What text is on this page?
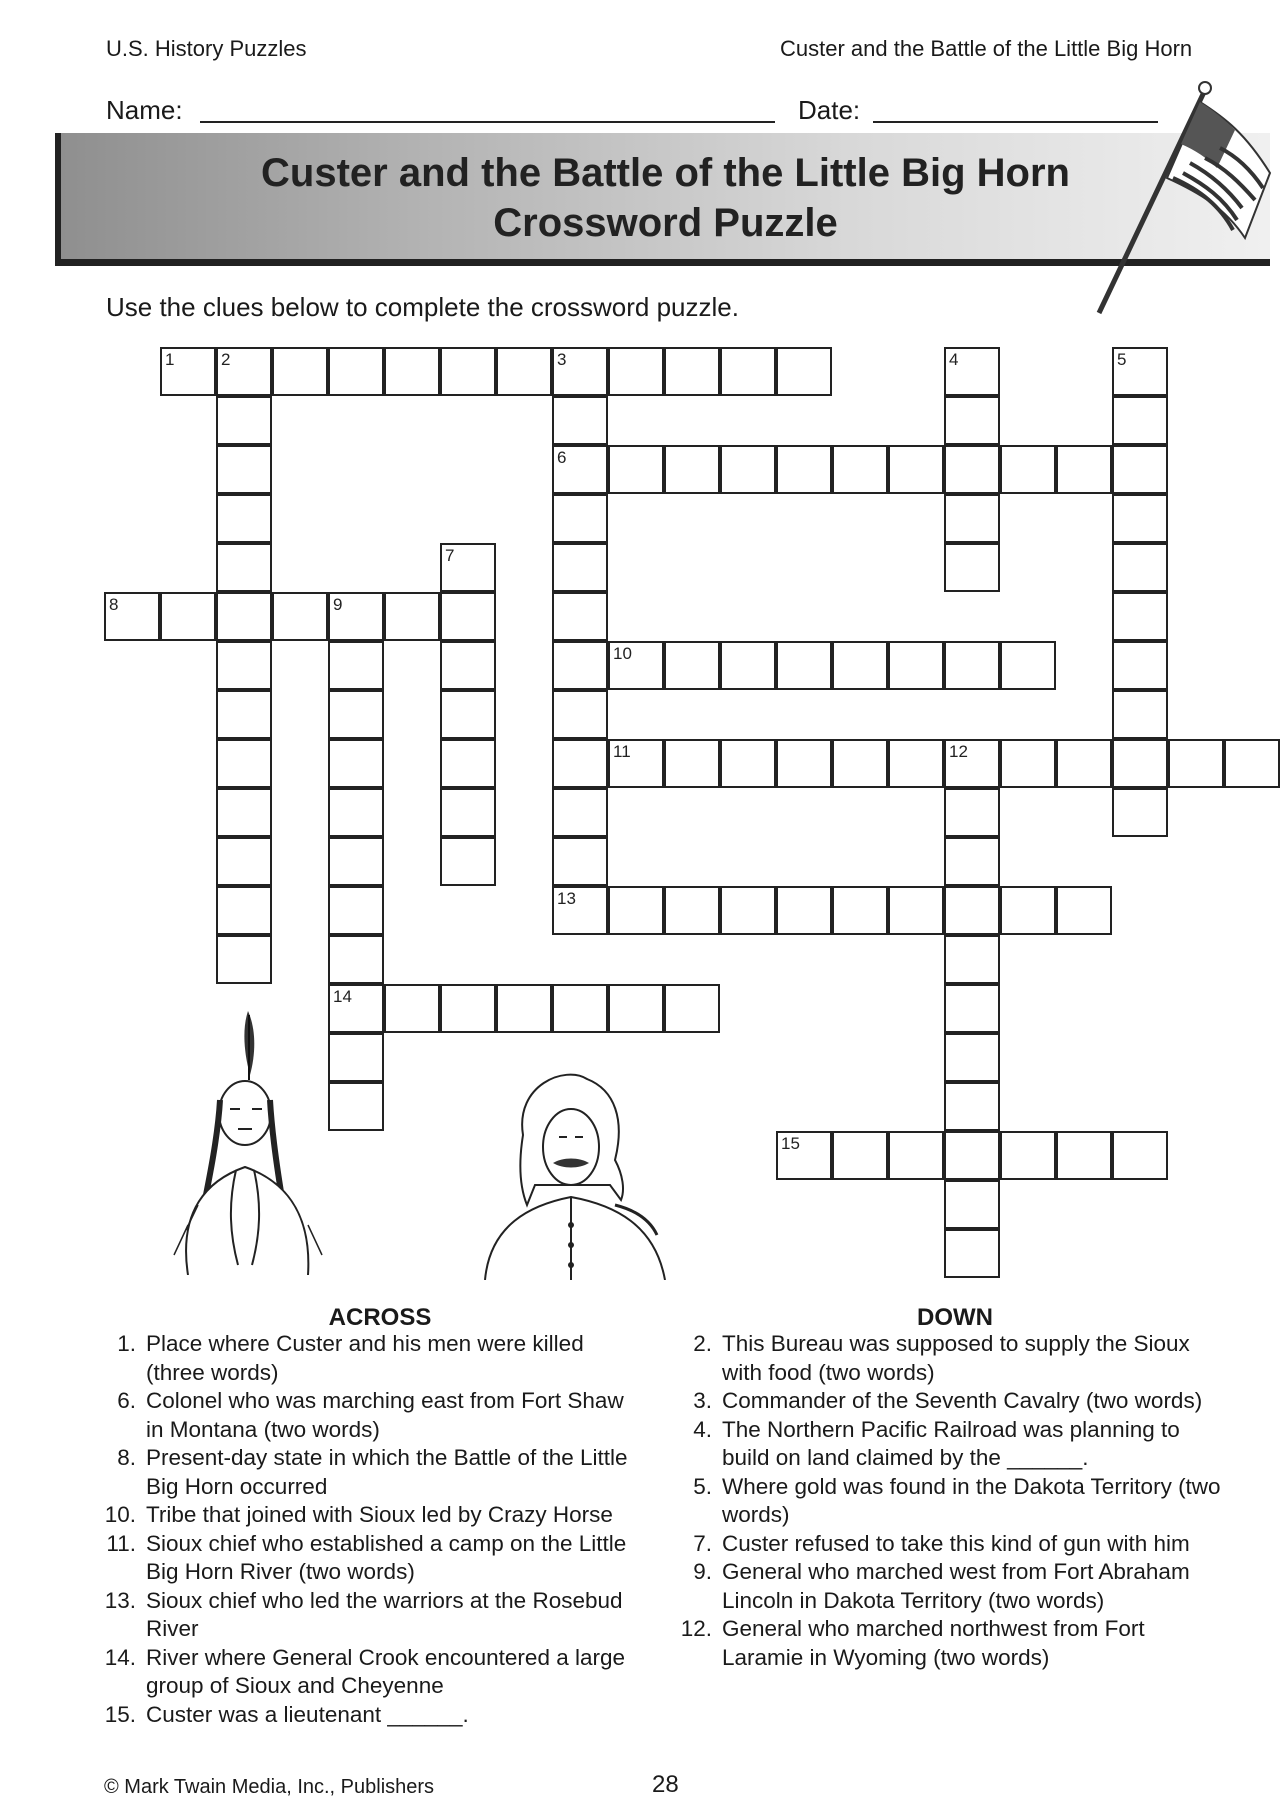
U.S. History Puzzles	Custer and the Battle of the Little Big Horn
Name:	Date:
Custer and the Battle of the Little Big Horn
Crossword Puzzle
Use the clues below to complete the crossword puzzle.
1	2	3	4	5
6
7
8	9
10
11	12
13
14
15
ACROSS	DOWN
1. Place where Custer and his men were killed
(three words)
6. Colonel who was marching east from Fort Shaw
in Montana (two words)
8. Present-day state in which the Battle of the Little
Big Horn occurred
10. Tribe that joined with Sioux led by Crazy Horse
11. Sioux chief who established a camp on the Little
Big Horn River (two words)
13. Sioux chief who led the warriors at the Rosebud
River
14. River where General Crook encountered a large
group of Sioux and Cheyenne
15. Custer was a lieutenant ______.
2. This Bureau was supposed to supply the Sioux
with food (two words)
3. Commander of the Seventh Cavalry (two words)
4. The Northern Pacific Railroad was planning to
build on land claimed by the ______.
5. Where gold was found in the Dakota Territory (two
words)
7. Custer refused to take this kind of gun with him
9. General who marched west from Fort Abraham
Lincoln in Dakota Territory (two words)
12. General who marched northwest from Fort
Laramie in Wyoming (two words)
© Mark Twain Media, Inc., Publishers	28
